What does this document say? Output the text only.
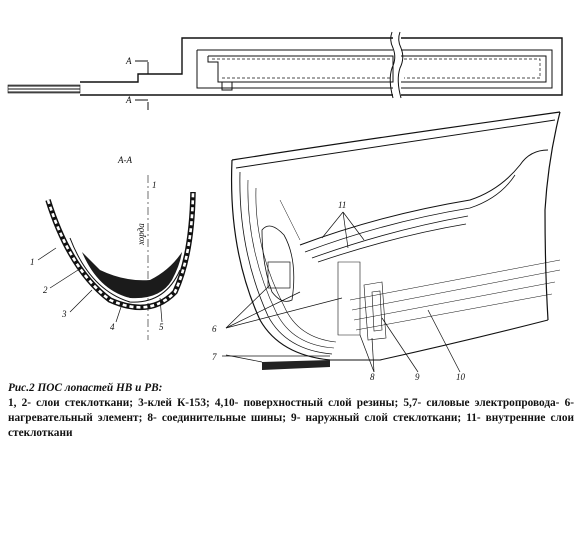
А
А
А-А
1
хорда
1
2
3
4	5
11
6
7
8	9	10
Рис.2 ПОС лопастей НВ и РВ:
1, 2- слои стеклоткани; 3-клей К-153; 4,10- поверхностный слой резины; 5,7- силовые электропровода- 6- нагревательный элемент; 8- соединительные шины; 9- наружный слой стеклоткани; 11- внутренние слои стеклоткани
